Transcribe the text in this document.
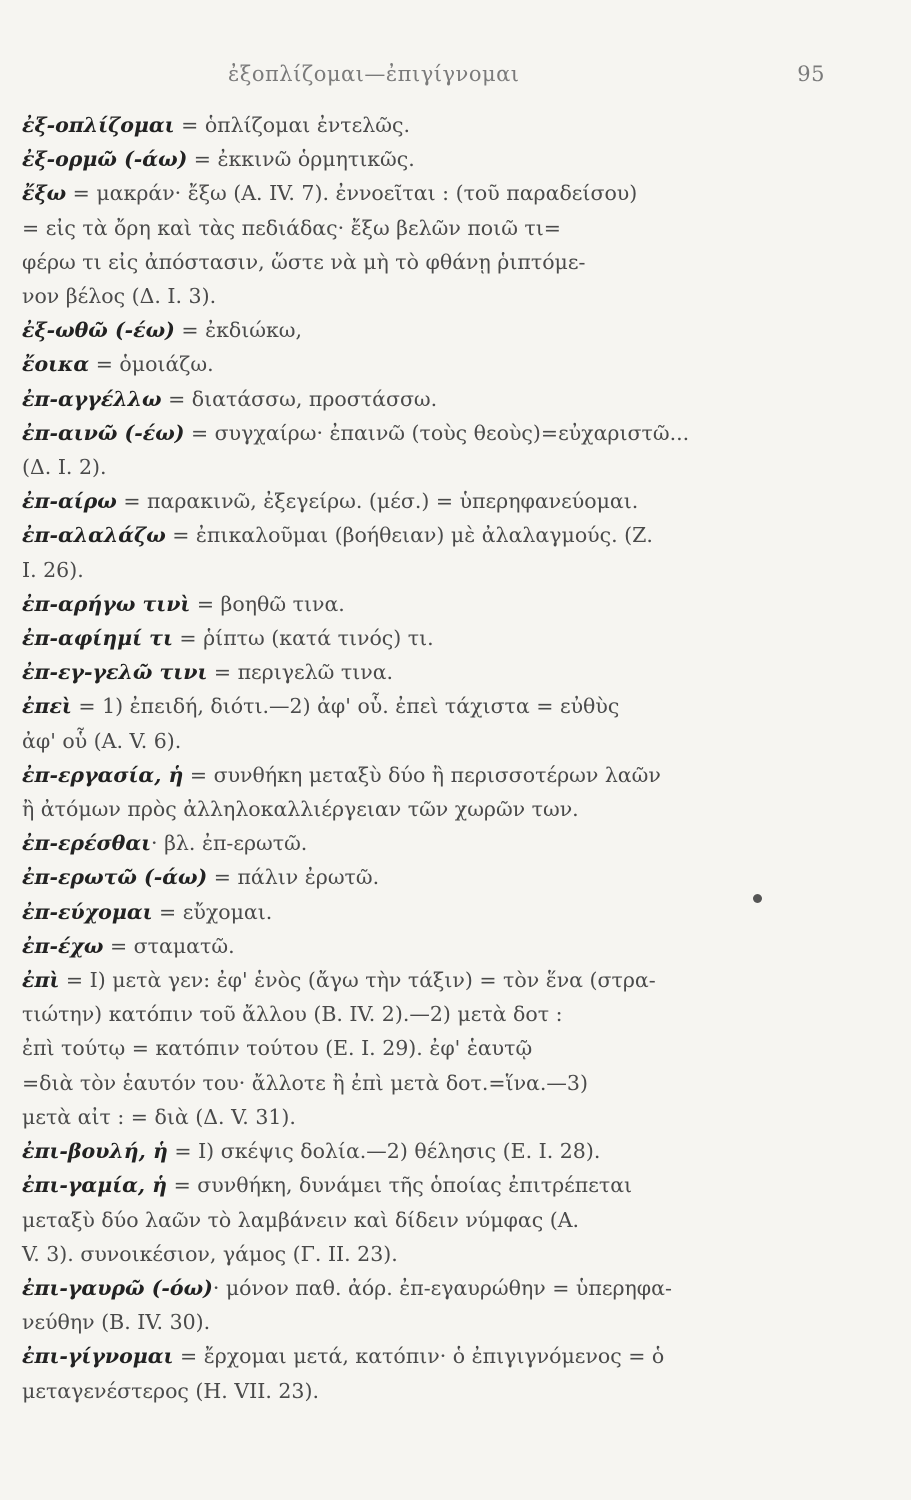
ἐξοπλίζομαι—ἐπιγίγνομαι	95

ἐξ-οπλίζομαι = ὁπλίζομαι ἐντελῶς.

ἐξ-ορμῶ (-άω) = ἐκκινῶ ὁρμητικῶς.

ἔξω = μακράν· ἔξω (Α. IV. 7). ἐννοεῖται : (τοῦ παραδείσου)

= εἰς τὰ ὄρη καὶ τὰς πεδιάδας· ἔξω βελῶν ποιῶ τι=

φέρω τι εἰς ἀπόστασιν, ὥστε νὰ μὴ τὸ φθάνῃ ῥιπτόμε-

νον βέλος (Δ. I. 3).

ἐξ-ωθῶ (-έω) = ἐκδιώκω,

ἔοικα = ὁμοιάζω.

ἐπ-αγγέλλω = διατάσσω, προστάσσω.

ἐπ-αινῶ (-έω) = συγχαίρω· ἐπαινῶ (τοὺς θεοὺς)=εὐχαριστῶ...

(Δ. I. 2).

ἐπ-αίρω = παρακινῶ, ἐξεγείρω. (μέσ.) = ὑπερηφανεύομαι.

ἐπ-αλαλάζω = ἐπικαλοῦμαι (βοήθειαν) μὲ ἀλαλαγμούς. (Ζ.

I. 26).

ἐπ-αρήγω τινὶ = βοηθῶ τινα.

ἐπ-αφίημί τι = ῥίπτω (κατά τινός) τι.

ἐπ-εγ-γελῶ τινι = περιγελῶ τινα.

ἐπεὶ = 1) ἐπειδή, διότι.—2) ἀφ' οὗ. ἐπεὶ τάχιστα = εὐθὺς

ἀφ' οὗ (Α. V. 6).

ἐπ-εργασία, ἡ = συνθήκη μεταξὺ δύο ἢ περισσοτέρων λαῶν

ἢ ἀτόμων πρὸς ἀλληλοκαλλιέργειαν τῶν χωρῶν των.

ἐπ-ερέσθαι· βλ. ἐπ-ερωτῶ.

ἐπ-ερωτῶ (-άω) = πάλιν ἐρωτῶ.

ἐπ-εύχομαι = εὔχομαι.

ἐπ-έχω = σταματῶ.

ἐπὶ = I) μετὰ γεν: ἐφ' ἑνὸς (ἄγω τὴν τάξιν) = τὸν ἕνα (στρα-

τιώτην) κατόπιν τοῦ ἄλλου (Β. IV. 2).—2) μετὰ δοτ :

ἐπὶ τούτῳ = κατόπιν τούτου (Ε. I. 29). ἐφ' ἑαυτῷ

=διὰ τὸν ἑαυτόν του· ἄλλοτε ἢ ἐπὶ μετὰ δοτ.=ἵνα.—3)

μετὰ αἰτ : = διὰ (Δ. V. 31).

ἐπι-βουλή, ἡ = I) σκέψις δολία.—2) θέλησις (Ε. I. 28).

ἐπι-γαμία, ἡ = συνθήκη, δυνάμει τῆς ὁποίας ἐπιτρέπεται

μεταξὺ δύο λαῶν τὸ λαμβάνειν καὶ δίδειν νύμφας (Α.

V. 3). συνοικέσιον, γάμος (Γ. II. 23).

ἐπι-γαυρῶ (-όω)· μόνον παθ. ἀόρ. ἐπ-εγαυρώθην = ὑπερηφα-

νεύθην (Β. IV. 30).

ἐπι-γίγνομαι = ἔρχομαι μετά, κατόπιν· ὁ ἐπιγιγνόμενος = ὁ

μεταγενέστερος (Η. VII. 23).
